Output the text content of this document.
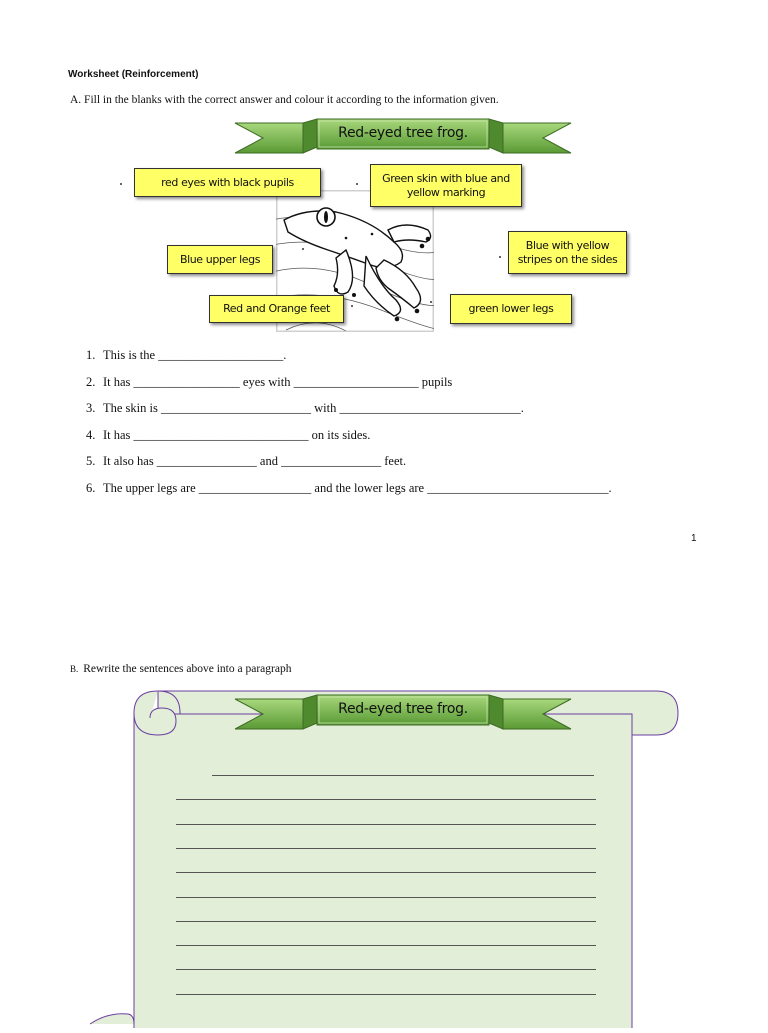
Worksheet (Reinforcement)
A. Fill in the blanks with the correct answer and colour it according to the information given.
Red-eyed tree frog.
red eyes with black pupils	Green skin with blue and
yellow marking
Blue with yellow
stripes on the sides
Blue upper legs
Red and Orange feet	green lower legs
1. This is the ____________________.
2. It has _________________ eyes with ____________________ pupils
3. The skin is ________________________ with _____________________________.
4. It has ____________________________ on its sides.
5. It also has ________________ and ________________ feet.
6. The upper legs are __________________ and the lower legs are _____________________________.
1
B. Rewrite the sentences above into a paragraph
Red-eyed tree frog.
